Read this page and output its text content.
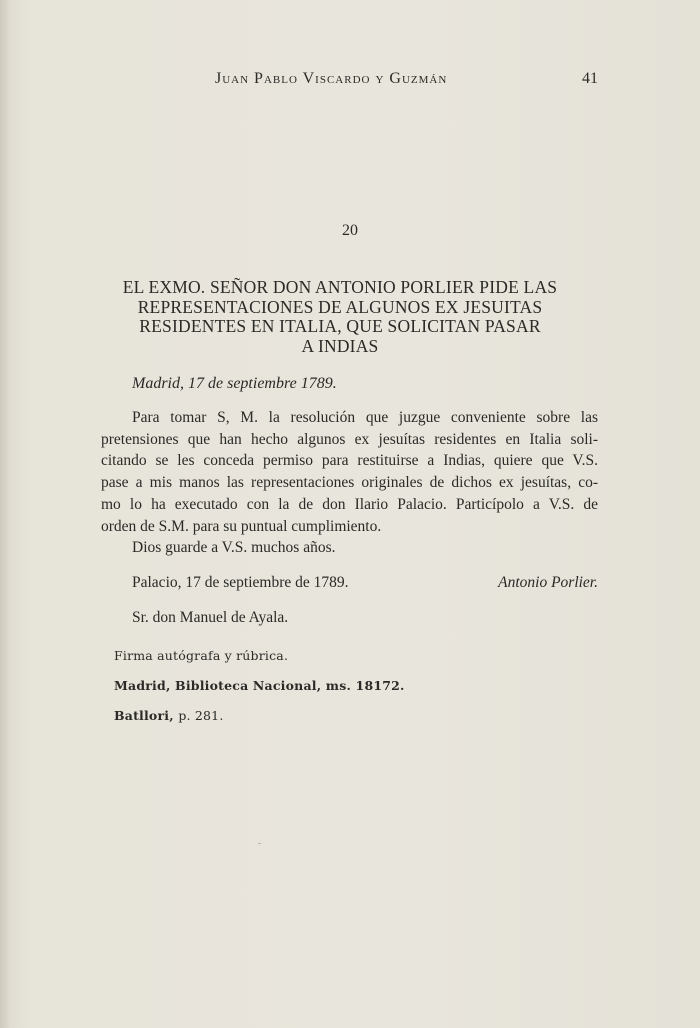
Juan Pablo Viscardo y Guzmán	41
20
EL EXMO. SEÑOR DON ANTONIO PORLIER PIDE LAS
REPRESENTACIONES DE ALGUNOS EX JESUITAS
RESIDENTES EN ITALIA, QUE SOLICITAN PASAR
A INDIAS
Madrid, 17 de septiembre 1789.
Para tomar S, M. la resolución que juzgue conveniente sobre las
pretensiones que han hecho algunos ex jesuítas residentes en Italia soli-
citando se les conceda permiso para restituirse a Indias, quiere que V.S.
pase a mis manos las representaciones originales de dichos ex jesuítas, co-
mo lo ha executado con la de don Ilario Palacio. Particípolo a V.S. de
orden de S.M. para su puntual cumplimiento.
Dios guarde a V.S. muchos años.
Palacio, 17 de septiembre de 1789.	Antonio Porlier.
Sr. don Manuel de Ayala.
Firma autógrafa y rúbrica.
Madrid, Biblioteca Nacional, ms. 18172.
Batllori, p. 281.
